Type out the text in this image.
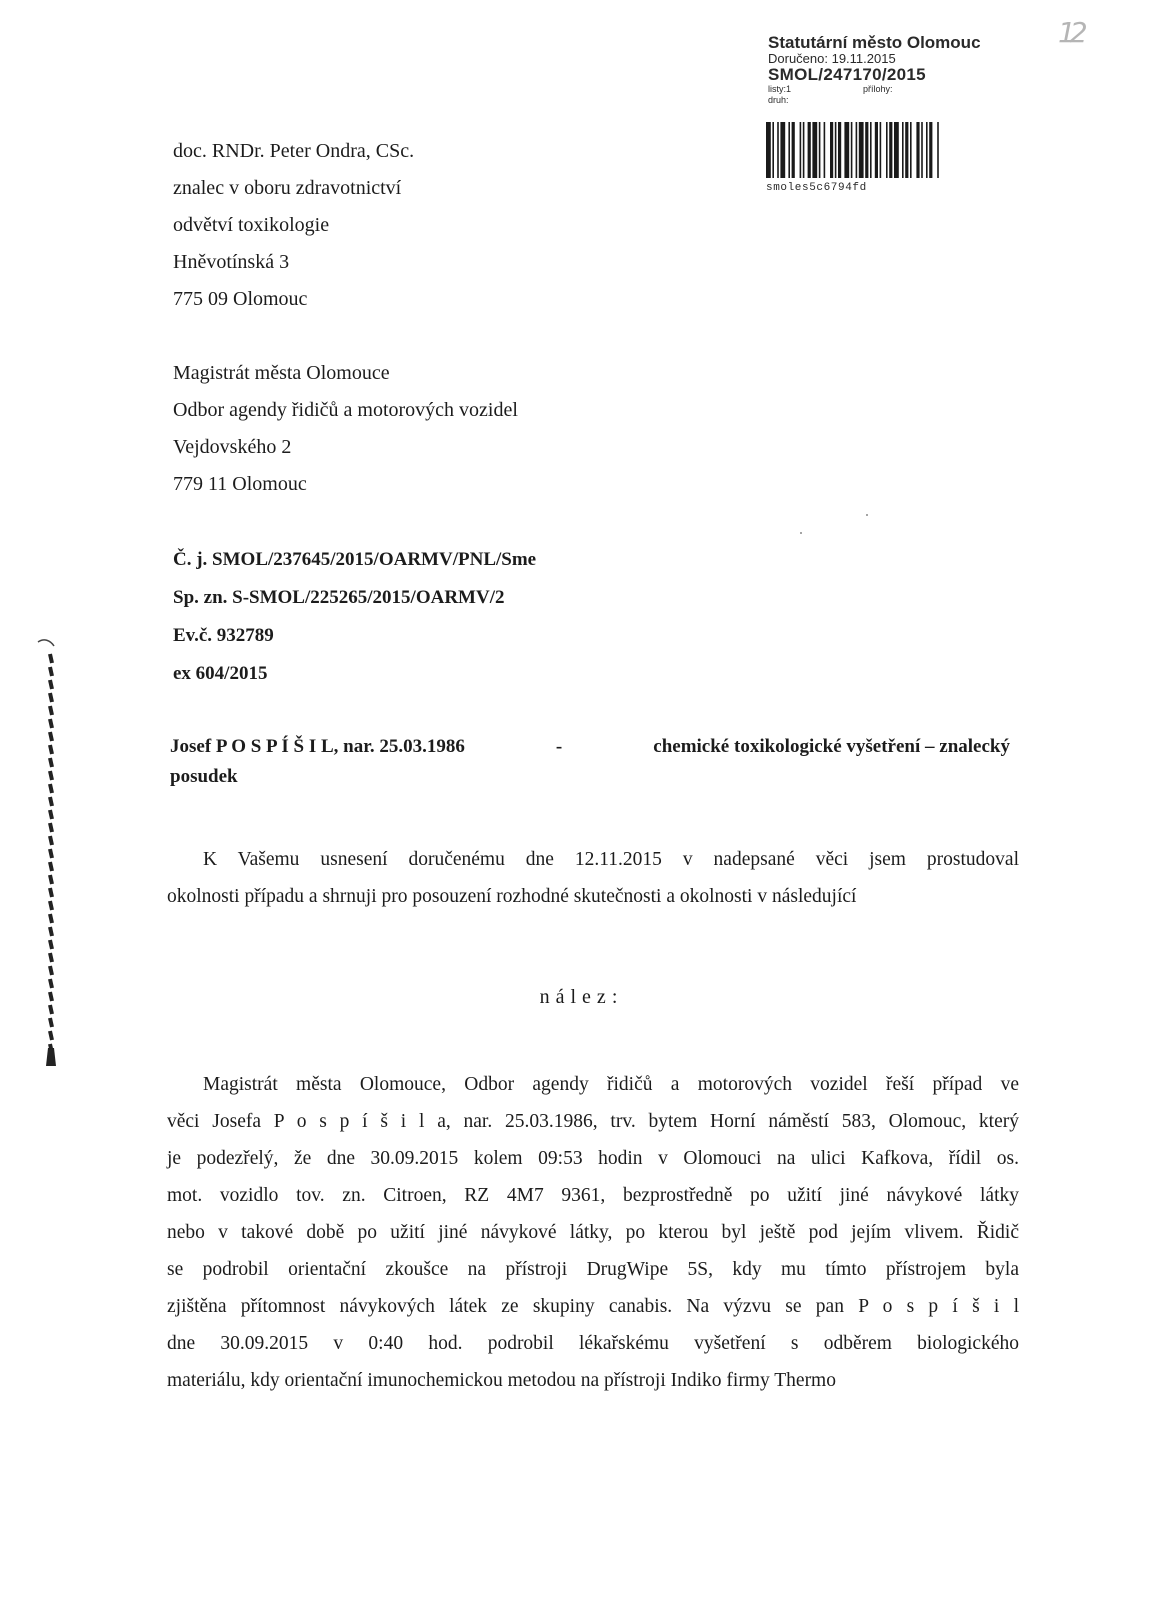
12
Statutární město Olomouc
Doručeno: 19.11.2015
SMOL/247170/2015
listy:1	přílohy:
druh:
smoles5c6794fd
doc. RNDr. Peter Ondra, CSc.
znalec v oboru zdravotnictví
odvětví toxikologie
Hněvotínská 3
775 09 Olomouc
Magistrát města Olomouce
Odbor agendy řidičů a motorových vozidel
Vejdovského 2
779 11 Olomouc
Č. j. SMOL/237645/2015/OARMV/PNL/Sme
Sp. zn. S-SMOL/225265/2015/OARMV/2
Ev.č. 932789
ex 604/2015
Josef P O S P Í Š I L, nar. 25.03.1986	-	chemické toxikologické vyšetření – znalecký
posudek
K Vašemu usnesení doručenému dne 12.11.2015 v nadepsané věci jsem prostudoval
okolnosti případu a shrnuji pro posouzení rozhodné skutečnosti a okolnosti v následující
nález:
Magistrát města Olomouce, Odbor agendy řidičů a motorových vozidel řeší případ ve
věci Josefa P o s p í š i l a, nar. 25.03.1986, trv. bytem Horní náměstí 583, Olomouc, který
je podezřelý, že dne 30.09.2015 kolem 09:53 hodin v Olomouci na ulici Kafkova, řídil os.
mot. vozidlo tov. zn. Citroen, RZ 4M7 9361, bezprostředně po užití jiné návykové látky
nebo v takové době po užití jiné návykové látky, po kterou byl ještě pod jejím vlivem. Řidič
se podrobil orientační zkoušce na přístroji DrugWipe 5S, kdy mu tímto přístrojem byla
zjištěna přítomnost návykových látek ze skupiny canabis. Na výzvu se pan P o s p í š i l
dne 30.09.2015 v 0:40 hod. podrobil lékařskému vyšetření s odběrem biologického
materiálu, kdy orientační imunochemickou metodou na přístroji Indiko firmy Thermo
